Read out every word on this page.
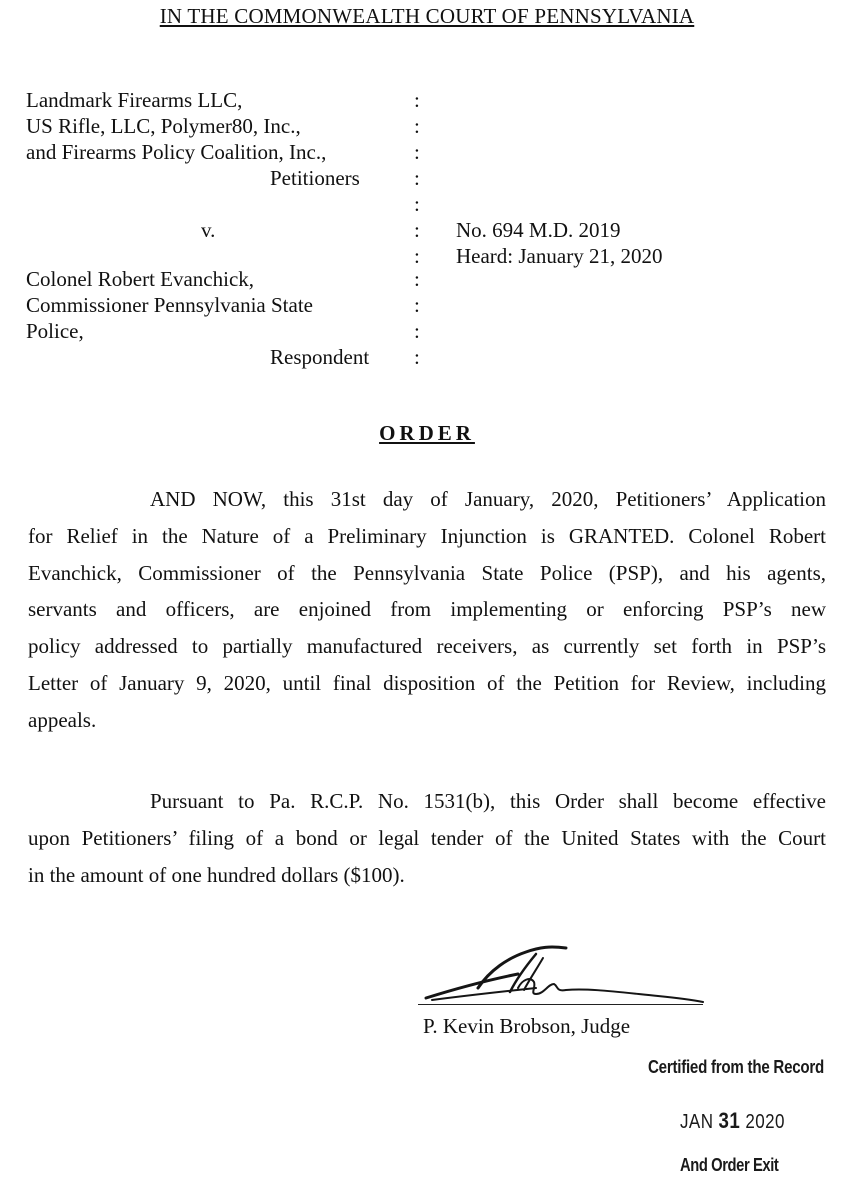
IN THE COMMONWEALTH COURT OF PENNSYLVANIA
Landmark Firearms LLC,
US Rifle, LLC, Polymer80, Inc.,
and Firearms Policy Coalition, Inc.,
Petitioners
v.
Colonel Robert Evanchick,
Commissioner Pennsylvania State
Police,
Respondent
:
:
:
:
:
:
:
:
:
:
:
No. 694 M.D. 2019
Heard: January 21, 2020
ORDER
AND NOW, this 31st day of January, 2020, Petitioners’ Application
for Relief in the Nature of a Preliminary Injunction is GRANTED. Colonel Robert
Evanchick, Commissioner of the Pennsylvania State Police (PSP), and his agents,
servants and officers, are enjoined from implementing or enforcing PSP’s new
policy addressed to partially manufactured receivers, as currently set forth in PSP’s
Letter of January 9, 2020, until final disposition of the Petition for Review, including
appeals.
Pursuant to Pa. R.C.P. No. 1531(b), this Order shall become effective
upon Petitioners’ filing of a bond or legal tender of the United States with the Court
in the amount of one hundred dollars ($100).
P. Kevin Brobson, Judge
Certified from the Record
JAN 31 2020
And Order Exit
